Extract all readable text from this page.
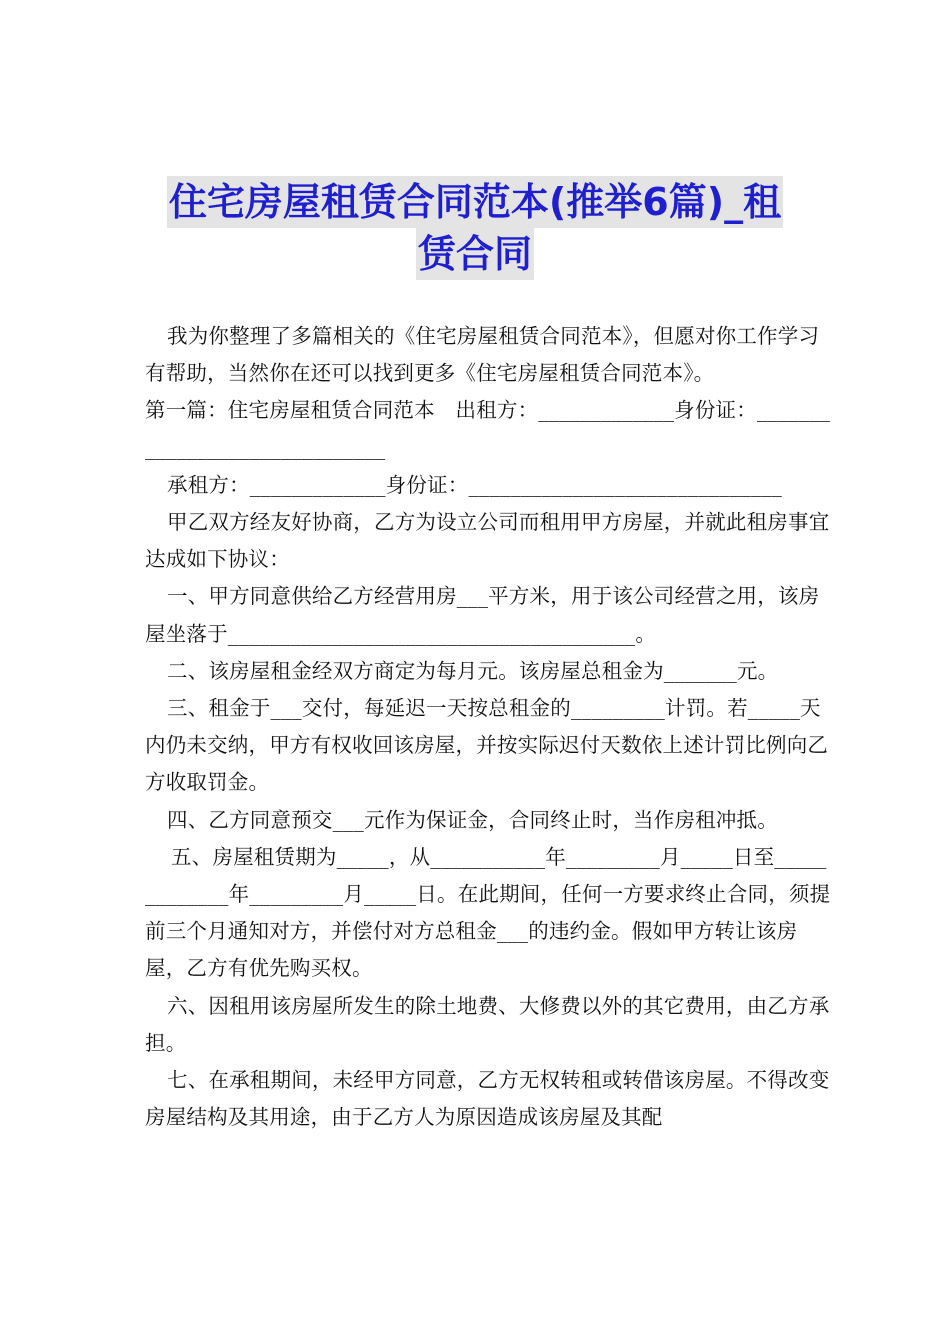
住宅房屋租赁合同范本(推举6篇)_租
赁合同

我为你整理了多篇相关的《住宅房屋租赁合同范本》，但愿对你工作学习有帮助，当然你在还可以找到更多《住宅房屋租赁合同范本》。

第一篇：住宅房屋租赁合同范本　出租方：_____________身份证：______________________________

承租方：_____________身份证：______________________________

甲乙双方经友好协商，乙方为设立公司而租用甲方房屋，并就此租房事宜达成如下协议：

一、甲方同意供给乙方经营用房___平方米，用于该公司经营之用，该房屋坐落于_______________________________________。

二、该房屋租金经双方商定为每月元。该房屋总租金为_______元。

三、租金于___交付，每延迟一天按总租金的_________计罚。若_____天内仍未交纳，甲方有权收回该房屋，并按实际迟付天数依上述计罚比例向乙方收取罚金。

四、乙方同意预交___元作为保证金，合同终止时，当作房租冲抵。

五、房屋租赁期为_____，从___________年_________月_____日至_____________年_________月_____日。在此期间，任何一方要求终止合同，须提前三个月通知对方，并偿付对方总租金___的违约金。假如甲方转让该房屋，乙方有优先购买权。

六、因租用该房屋所发生的除土地费、大修费以外的其它费用，由乙方承担。

七、在承租期间，未经甲方同意，乙方无权转租或转借该房屋。不得改变房屋结构及其用途，由于乙方人为原因造成该房屋及其配
